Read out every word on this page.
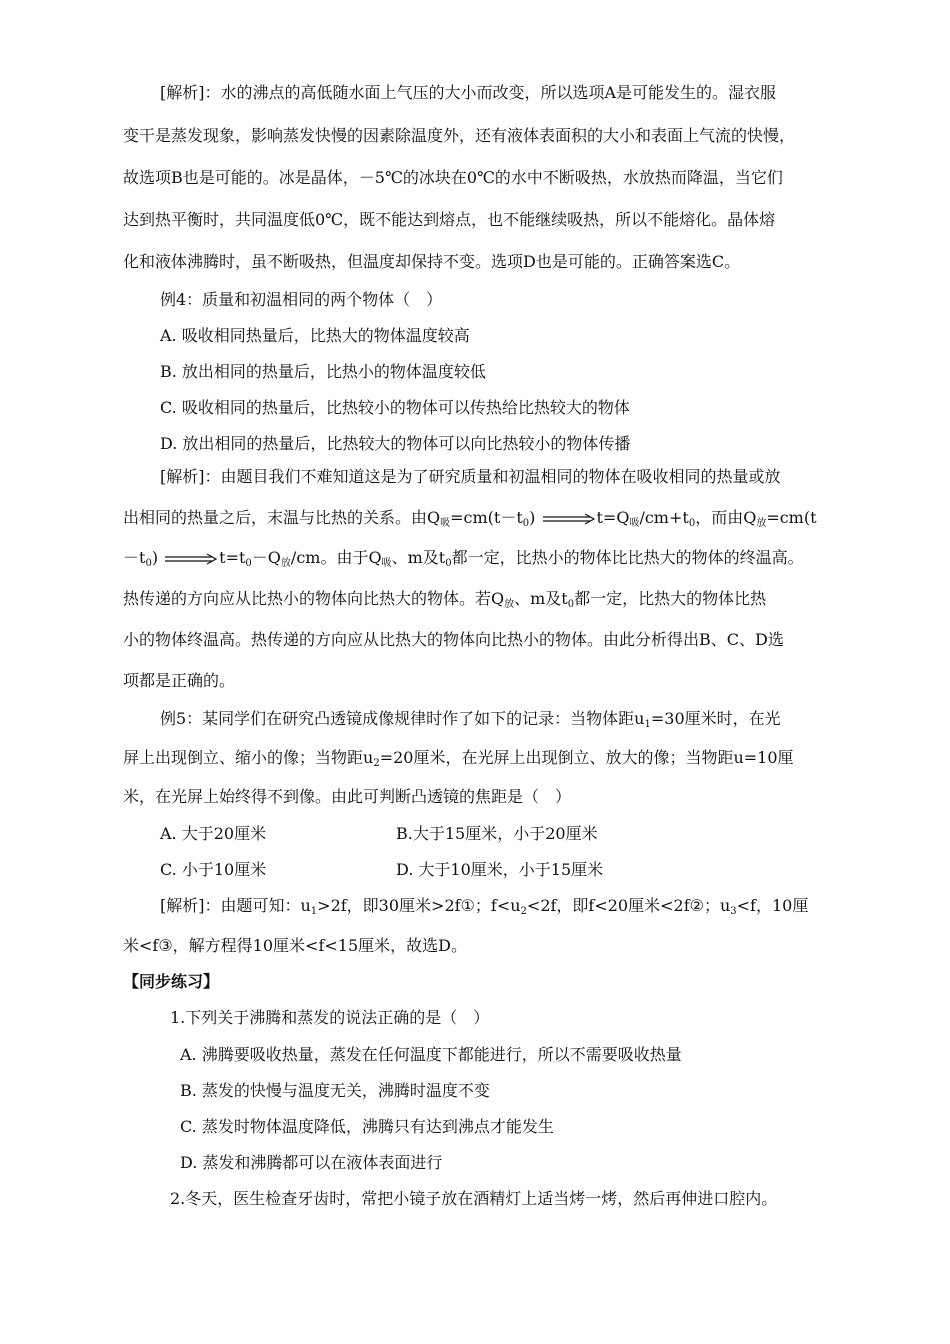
[解析]：水的沸点的高低随水面上气压的大小而改变，所以选项A是可能发生的。湿衣服
变干是蒸发现象，影响蒸发快慢的因素除温度外，还有液体表面积的大小和表面上气流的快慢，
故选项B也是可能的。冰是晶体，－5℃的冰块在0℃的水中不断吸热，水放热而降温，当它们
达到热平衡时，共同温度低0℃，既不能达到熔点，也不能继续吸热，所以不能熔化。晶体熔
化和液体沸腾时，虽不断吸热，但温度却保持不变。选项D也是可能的。正确答案选C。
例4：质量和初温相同的两个物体（　）
A. 吸收相同热量后，比热大的物体温度较高
B. 放出相同的热量后，比热小的物体温度较低
C. 吸收相同的热量后，比热较小的物体可以传热给比热较大的物体
D. 放出相同的热量后，比热较大的物体可以向比热较小的物体传播
[解析]：由题目我们不难知道这是为了研究质量和初温相同的物体在吸收相同的热量或放
出相同的热量之后，末温与比热的关系。由Q吸=cm(t－t0)	t=Q吸/cm+t0，而由Q放=cm(t
－t0)	t=t0－Q放/cm。由于Q吸、m及t0都一定，比热小的物体比比热大的物体的终温高。
热传递的方向应从比热小的物体向比热大的物体。若Q放、m及t0都一定，比热大的物体比热
小的物体终温高。热传递的方向应从比热大的物体向比热小的物体。由此分析得出B、C、D选
项都是正确的。
例5：某同学们在研究凸透镜成像规律时作了如下的记录：当物体距u1=30厘米时，在光
屏上出现倒立、缩小的像；当物距u2=20厘米，在光屏上出现倒立、放大的像；当物距u=10厘
米，在光屏上始终得不到像。由此可判断凸透镜的焦距是（　）
A. 大于20厘米	B.大于15厘米，小于20厘米
C. 小于10厘米	D. 大于10厘米，小于15厘米
[解析]：由题可知：u1>2f，即30厘米>2f①；f<u2<2f，即f<20厘米<2f②；u3<f，10厘
米<f③，解方程得10厘米<f<15厘米，故选D。
【同步练习】
1.下列关于沸腾和蒸发的说法正确的是（　）
A. 沸腾要吸收热量，蒸发在任何温度下都能进行，所以不需要吸收热量
B. 蒸发的快慢与温度无关，沸腾时温度不变
C. 蒸发时物体温度降低，沸腾只有达到沸点才能发生
D. 蒸发和沸腾都可以在液体表面进行
2.冬天，医生检查牙齿时，常把小镜子放在酒精灯上适当烤一烤，然后再伸进口腔内。
